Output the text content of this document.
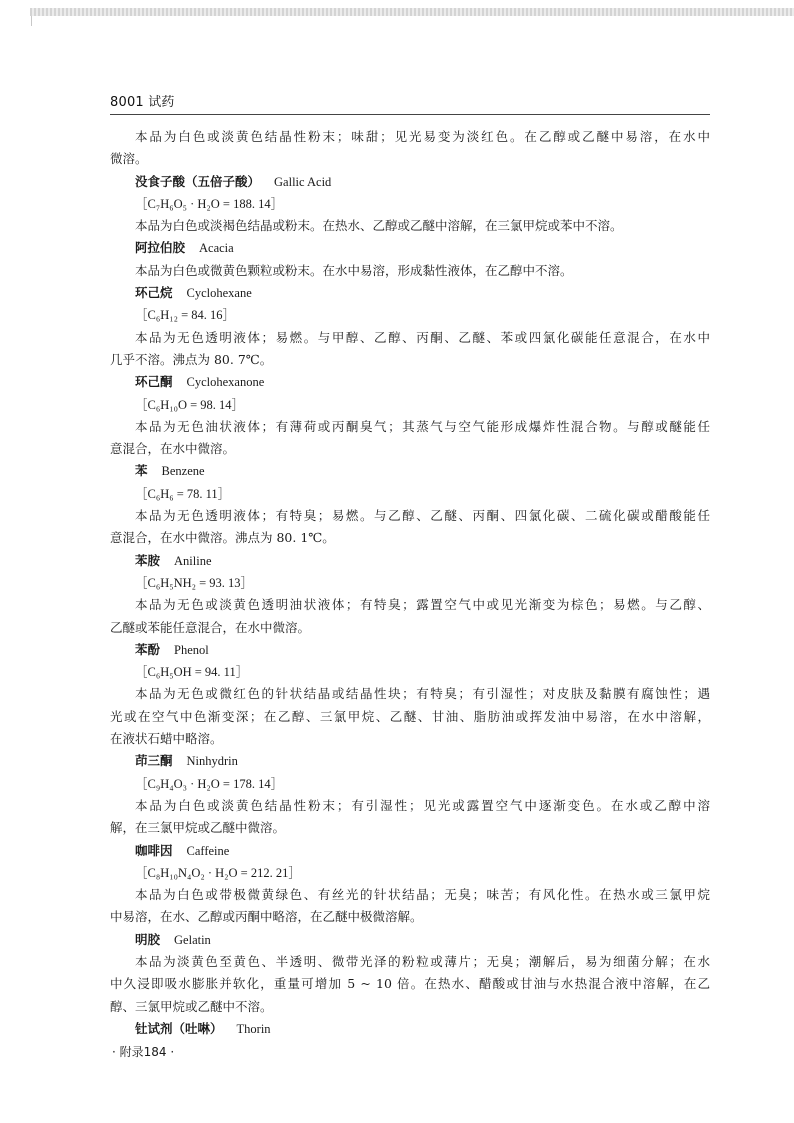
8001 试药
本品为白色或淡黄色结晶性粉末；味甜；见光易变为淡红色。在乙醇或乙醚中易溶，在水中
微溶。
没食子酸（五倍子酸） Gallic Acid
［C₇H₆O₅ · H₂O = 188. 14］
本品为白色或淡褐色结晶或粉末。在热水、乙醇或乙醚中溶解，在三氯甲烷或苯中不溶。
阿拉伯胶 Acacia
本品为白色或微黄色颗粒或粉末。在水中易溶，形成黏性液体，在乙醇中不溶。
环己烷 Cyclohexane
［C₆H₁₂ = 84. 16］
本品为无色透明液体；易燃。与甲醇、乙醇、丙酮、乙醚、苯或四氯化碳能任意混合，在水中
几乎不溶。沸点为 80. 7℃。
环己酮 Cyclohexanone
［C₆H₁₀O = 98. 14］
本品为无色油状液体；有薄荷或丙酮臭气；其蒸气与空气能形成爆炸性混合物。与醇或醚能任
意混合，在水中微溶。
苯 Benzene
［C₆H₆ = 78. 11］
本品为无色透明液体；有特臭；易燃。与乙醇、乙醚、丙酮、四氯化碳、二硫化碳或醋酸能任
意混合，在水中微溶。沸点为 80. 1℃。
苯胺 Aniline
［C₆H₅NH₂ = 93. 13］
本品为无色或淡黄色透明油状液体；有特臭；露置空气中或见光渐变为棕色；易燃。与乙醇、
乙醚或苯能任意混合，在水中微溶。
苯酚 Phenol
［C₆H₅OH = 94. 11］
本品为无色或微红色的针状结晶或结晶性块；有特臭；有引湿性；对皮肤及黏膜有腐蚀性；遇
光或在空气中色渐变深；在乙醇、三氯甲烷、乙醚、甘油、脂肪油或挥发油中易溶，在水中溶解，
在液状石蜡中略溶。
茚三酮 Ninhydrin
［C₉H₄O₃ · H₂O = 178. 14］
本品为白色或淡黄色结晶性粉末；有引湿性；见光或露置空气中逐渐变色。在水或乙醇中溶
解，在三氯甲烷或乙醚中微溶。
咖啡因 Caffeine
［C₈H₁₀N₄O₂ · H₂O = 212. 21］
本品为白色或带极微黄绿色、有丝光的针状结晶；无臭；味苦；有风化性。在热水或三氯甲烷
中易溶，在水、乙醇或丙酮中略溶，在乙醚中极微溶解。
明胶 Gelatin
本品为淡黄色至黄色、半透明、微带光泽的粉粒或薄片；无臭；潮解后，易为细菌分解；在水
中久浸即吸水膨胀并软化，重量可增加 5 ~ 10 倍。在热水、醋酸或甘油与水热混合液中溶解，在乙
醇、三氯甲烷或乙醚中不溶。
钍试剂（吐啉） Thorin
· 附录184 ·
